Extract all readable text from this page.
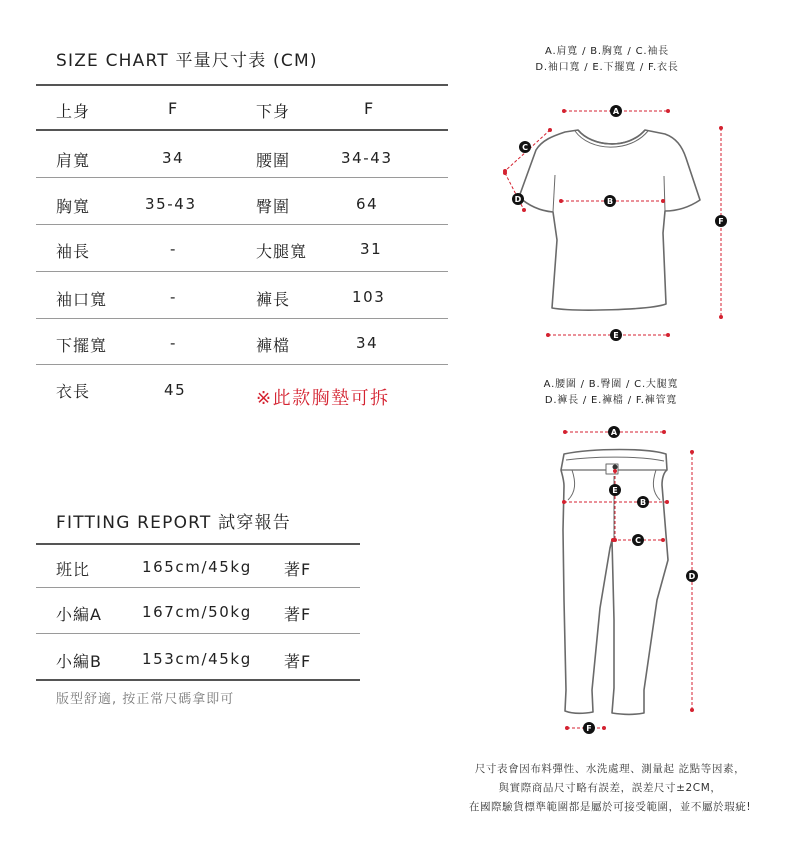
SIZE CHART 平量尺寸表 (CM)
上身	F	下身	F
肩寬	34	腰圍	34-43
胸寬	35-43	臀圍	64
袖長	-	大腿寬	31
袖口寬	-	褲長	103
下擺寬	-	褲檔	34
衣長	45	※此款胸墊可拆
FITTING REPORT 試穿報告
班比	165cm/45kg 著F
小編A	167cm/50kg 著F
小編B	153cm/45kg 著F
版型舒適, 按正常尺碼拿即可
A.肩寬 / B.胸寬 / C.袖長
D.袖口寬 / E.下擺寬 / F.衣長
A.腰圍 / B.臀圍 / C.大腿寬
D.褲長 / E.褲檔 / F.褲管寬
A
B
C
D
E
F
A
B
C
D
E
F
尺寸表會因布料彈性、水洗處理、測量起 訖點等因素，
與實際商品尺寸略有誤差，誤差尺寸±2CM，
在國際驗貨標準範圍都是屬於可接受範圍，並不屬於瑕疵!
